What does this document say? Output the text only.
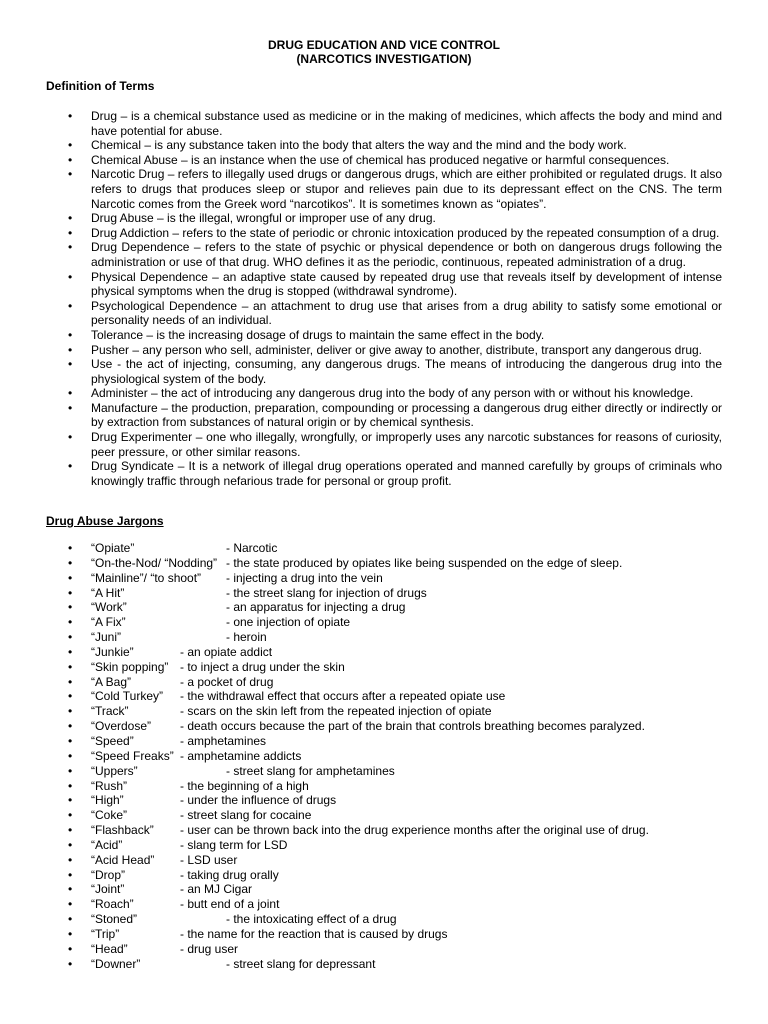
DRUG EDUCATION AND VICE CONTROL
(NARCOTICS INVESTIGATION)
Definition of Terms
• Drug – is a chemical substance used as medicine or in the making of medicines, which affects the body and mind and have potential for abuse.
• Chemical – is any substance taken into the body that alters the way and the mind and the body work.
• Chemical Abuse – is an instance when the use of chemical has produced negative or harmful consequences.
• Narcotic Drug – refers to illegally used drugs or dangerous drugs, which are either prohibited or regulated drugs. It also refers to drugs that produces sleep or stupor and relieves pain due to its depressant effect on the CNS. The term Narcotic comes from the Greek word “narcotikos”. It is sometimes known as “opiates”.
• Drug Abuse – is the illegal, wrongful or improper use of any drug.
• Drug Addiction – refers to the state of periodic or chronic intoxication produced by the repeated consumption of a drug.
• Drug Dependence – refers to the state of psychic or physical dependence or both on dangerous drugs following the administration or use of that drug. WHO defines it as the periodic, continuous, repeated administration of a drug.
• Physical Dependence – an adaptive state caused by repeated drug use that reveals itself by development of intense physical symptoms when the drug is stopped (withdrawal syndrome).
• Psychological Dependence – an attachment to drug use that arises from a drug ability to satisfy some emotional or personality needs of an individual.
• Tolerance – is the increasing dosage of drugs to maintain the same effect in the body.
• Pusher – any person who sell, administer, deliver or give away to another, distribute, transport any dangerous drug.
• Use - the act of injecting, consuming, any dangerous drugs. The means of introducing the dangerous drug into the physiological system of the body.
• Administer – the act of introducing any dangerous drug into the body of any person with or without his knowledge.
• Manufacture – the production, preparation, compounding or processing a dangerous drug either directly or indirectly or by extraction from substances of natural origin or by chemical synthesis.
• Drug Experimenter – one who illegally, wrongfully, or improperly uses any narcotic substances for reasons of curiosity, peer pressure, or other similar reasons.
• Drug Syndicate – It is a network of illegal drug operations operated and manned carefully by groups of criminals who knowingly traffic through nefarious trade for personal or group profit.
Drug Abuse Jargons
• “Opiate”	- Narcotic
• “On-the-Nod/ “Nodding” - the state produced by opiates like being suspended on the edge of sleep.
• “Mainline”/ “to shoot” - injecting a drug into the vein
• “A Hit”	- the street slang for injection of drugs
• “Work”	- an apparatus for injecting a drug
• “A Fix”	- one injection of opiate
• “Juni”	- heroin
• “Junkie”	- an opiate addict
• “Skin popping” - to inject a drug under the skin
• “A Bag”	- a pocket of drug
• “Cold Turkey” - the withdrawal effect that occurs after a repeated opiate use
• “Track”	- scars on the skin left from the repeated injection of opiate
• “Overdose” - death occurs because the part of the brain that controls breathing becomes paralyzed.
• “Speed”	- amphetamines
• “Speed Freaks” - amphetamine addicts
• “Uppers”	- street slang for amphetamines
• “Rush”	- the beginning of a high
• “High”	- under the influence of drugs
• “Coke”	- street slang for cocaine
• “Flashback” - user can be thrown back into the drug experience months after the original use of drug.
• “Acid”	- slang term for LSD
• “Acid Head” - LSD user
• “Drop”	- taking drug orally
• “Joint”	- an MJ Cigar
• “Roach”	- butt end of a joint
• “Stoned”	- the intoxicating effect of a drug
• “Trip”	- the name for the reaction that is caused by drugs
• “Head”	- drug user
• “Downer”	- street slang for depressant
